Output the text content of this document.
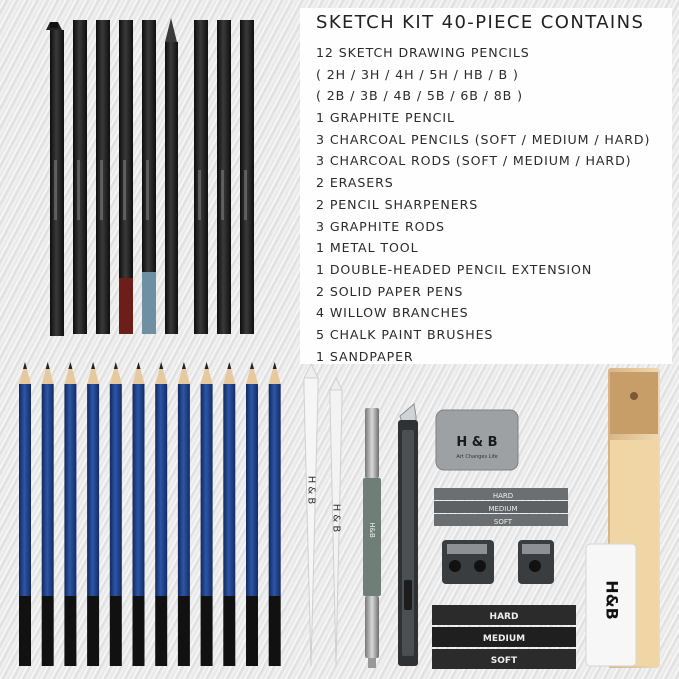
H & B
H & B	H&B
H & B
Art Changes Life
HARD
MEDIUM
SOFT
HARD
MEDIUM
SOFT
H&B
SKETCH KIT 40-PIECE CONTAINS
12 SKETCH DRAWING PENCILS
( 2H / 3H / 4H / 5H / HB / B )
( 2B / 3B / 4B / 5B / 6B / 8B )
1 GRAPHITE PENCIL
3 CHARCOAL PENCILS (SOFT / MEDIUM / HARD)
3 CHARCOAL RODS (SOFT / MEDIUM / HARD)
2 ERASERS
2 PENCIL SHARPENERS
3 GRAPHITE RODS
1 METAL TOOL
1 DOUBLE-HEADED PENCIL EXTENSION
2 SOLID PAPER PENS
4 WILLOW BRANCHES
5 CHALK PAINT BRUSHES
1 SANDPAPER
